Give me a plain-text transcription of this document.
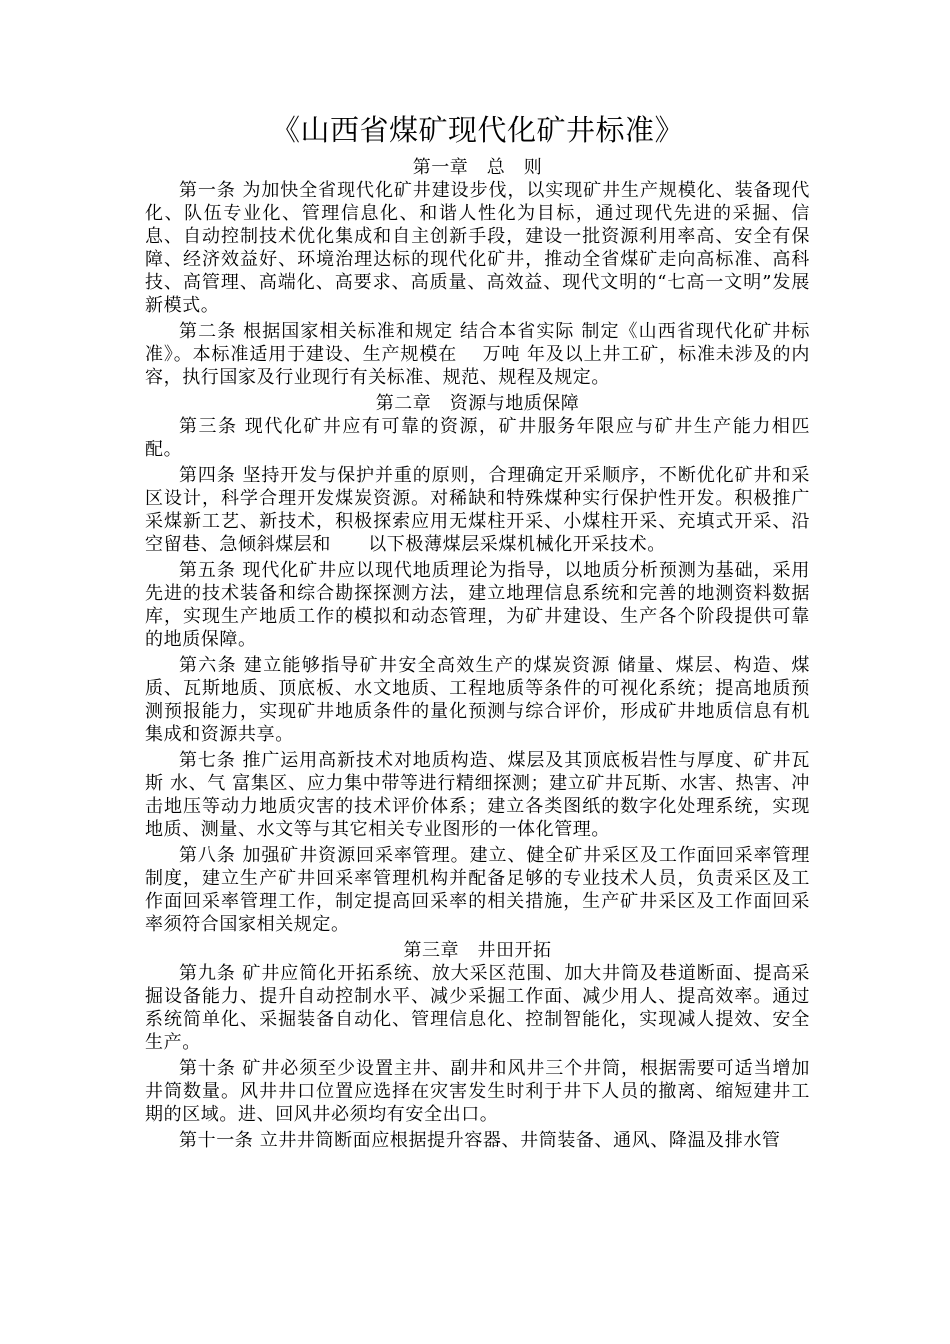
《山西省煤矿现代化矿井标准》
第一章　总　则

第一条 为加快全省现代化矿井建设步伐，以实现矿井生产规模化、装备现代化、队伍专业化、管理信息化、和谐人性化为目标，通过现代先进的采掘、信息、自动控制技术优化集成和自主创新手段，建设一批资源利用率高、安全有保障、经济效益好、环境治理达标的现代化矿井，推动全省煤矿走向高标准、高科技、高管理、高端化、高要求、高质量、高效益、现代文明的“七高一文明”发展新模式。

第二条 根据国家相关标准和规定 结合本省实际 制定《山西省现代化矿井标准》。本标准适用于建设、生产规模在　 万吨 年及以上井工矿，标准未涉及的内容，执行国家及行业现行有关标准、规范、规程及规定。

第二章　资源与地质保障

第三条 现代化矿井应有可靠的资源，矿井服务年限应与矿井生产能力相匹配。

第四条 坚持开发与保护并重的原则，合理确定开采顺序，不断优化矿井和采区设计，科学合理开发煤炭资源。对稀缺和特殊煤种实行保护性开发。积极推广采煤新工艺、新技术，积极探索应用无煤柱开采、小煤柱开采、充填式开采、沿空留巷、急倾斜煤层和　　以下极薄煤层采煤机械化开采技术。

第五条 现代化矿井应以现代地质理论为指导，以地质分析预测为基础，采用先进的技术装备和综合勘探探测方法，建立地理信息系统和完善的地测资料数据库，实现生产地质工作的模拟和动态管理，为矿井建设、生产各个阶段提供可靠的地质保障。

第六条 建立能够指导矿井安全高效生产的煤炭资源 储量、煤层、构造、煤质、瓦斯地质、顶底板、水文地质、工程地质等条件的可视化系统；提高地质预测预报能力，实现矿井地质条件的量化预测与综合评价，形成矿井地质信息有机集成和资源共享。

第七条 推广运用高新技术对地质构造、煤层及其顶底板岩性与厚度、矿井瓦斯 水、气 富集区、应力集中带等进行精细探测；建立矿井瓦斯、水害、热害、冲击地压等动力地质灾害的技术评价体系；建立各类图纸的数字化处理系统，实现地质、测量、水文等与其它相关专业图形的一体化管理。

第八条 加强矿井资源回采率管理。建立、健全矿井采区及工作面回采率管理制度，建立生产矿井回采率管理机构并配备足够的专业技术人员，负责采区及工作面回采率管理工作，制定提高回采率的相关措施，生产矿井采区及工作面回采率须符合国家相关规定。

第三章　井田开拓

第九条 矿井应简化开拓系统、放大采区范围、加大井筒及巷道断面、提高采掘设备能力、提升自动控制水平、减少采掘工作面、减少用人、提高效率。通过系统简单化、采掘装备自动化、管理信息化、控制智能化，实现减人提效、安全生产。

第十条 矿井必须至少设置主井、副井和风井三个井筒，根据需要可适当增加井筒数量。风井井口位置应选择在灾害发生时利于井下人员的撤离、缩短建井工期的区域。进、回风井必须均有安全出口。

第十一条 立井井筒断面应根据提升容器、井筒装备、通风、降温及排水管
